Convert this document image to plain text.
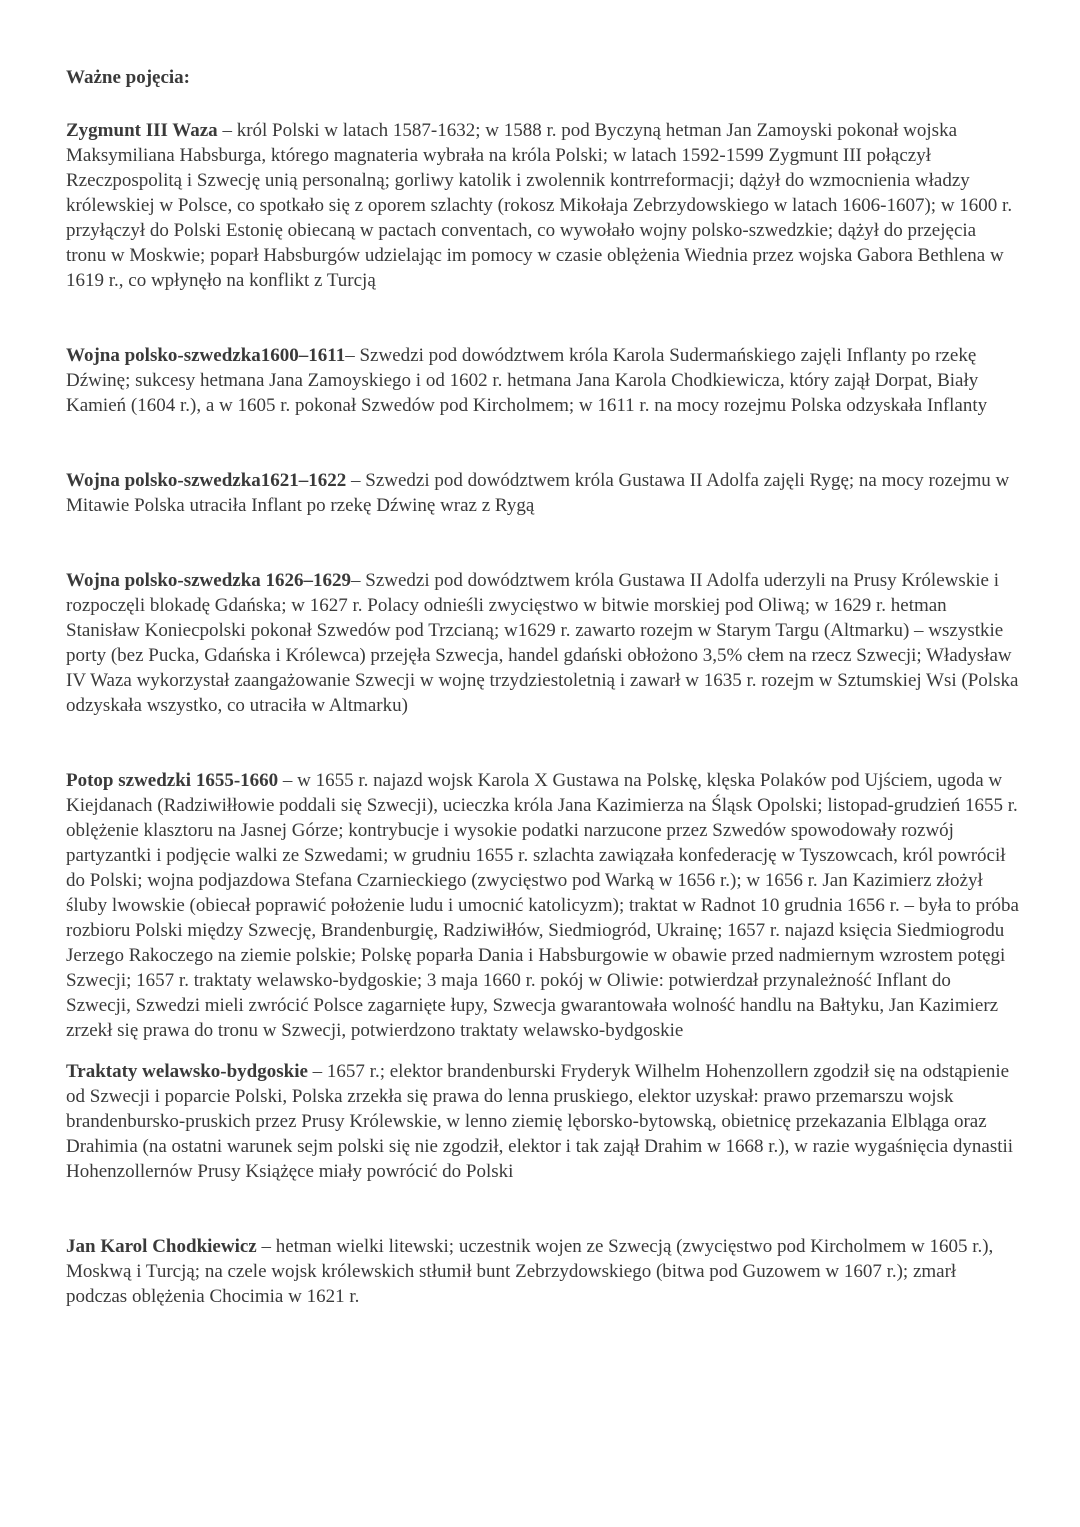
Ważne pojęcia:

Zygmunt III Waza – król Polski w latach 1587-1632; w 1588 r. pod Byczyną hetman Jan Zamoyski pokonał wojska Maksymiliana Habsburga, którego magnateria wybrała na króla Polski; w latach 1592-1599 Zygmunt III połączył Rzeczpospolitą i Szwecję unią personalną; gorliwy katolik i zwolennik kontrreformacji; dążył do wzmocnienia władzy królewskiej w Polsce, co spotkało się z oporem szlachty (rokosz Mikołaja Zebrzydowskiego w latach 1606-1607); w 1600 r. przyłączył do Polski Estonię obiecaną w pactach conventach, co wywołało wojny polsko-szwedzkie; dążył do przejęcia tronu w Moskwie; poparł Habsburgów udzielając im pomocy w czasie oblężenia Wiednia przez wojska Gabora Bethlena w 1619 r., co wpłynęło na konflikt z Turcją

Wojna polsko-szwedzka1600–1611– Szwedzi pod dowództwem króla Karola Sudermańskiego zajęli Inflanty po rzekę Dźwinę; sukcesy hetmana Jana Zamoyskiego i od 1602 r. hetmana Jana Karola Chodkiewicza, który zajął Dorpat, Biały Kamień (1604 r.), a w 1605 r. pokonał Szwedów pod Kircholmem; w 1611 r. na mocy rozejmu Polska odzyskała Inflanty

Wojna polsko-szwedzka1621–1622 – Szwedzi pod dowództwem króla Gustawa II Adolfa zajęli Rygę; na mocy rozejmu w Mitawie Polska utraciła Inflant po rzekę Dźwinę wraz z Rygą

Wojna polsko-szwedzka 1626–1629– Szwedzi pod dowództwem króla Gustawa II Adolfa uderzyli na Prusy Królewskie i rozpoczęli blokadę Gdańska; w 1627 r. Polacy odnieśli zwycięstwo w bitwie morskiej pod Oliwą; w 1629 r. hetman Stanisław Koniecpolski pokonał Szwedów pod Trzcianą; w1629 r. zawarto rozejm w Starym Targu (Altmarku) – wszystkie porty (bez Pucka, Gdańska i Królewca) przejęła Szwecja, handel gdański obłożono 3,5% cłem na rzecz Szwecji; Władysław IV Waza wykorzystał zaangażowanie Szwecji w wojnę trzydziestoletnią i zawarł w 1635 r. rozejm w Sztumskiej Wsi (Polska odzyskała wszystko, co utraciła w Altmarku)

Potop szwedzki 1655-1660 – w 1655 r. najazd wojsk Karola X Gustawa na Polskę, klęska Polaków pod Ujściem, ugoda w Kiejdanach (Radziwiłłowie poddali się Szwecji), ucieczka króla Jana Kazimierza na Śląsk Opolski; listopad-grudzień 1655 r. oblężenie klasztoru na Jasnej Górze; kontrybucje i wysokie podatki narzucone przez Szwedów spowodowały rozwój partyzantki i podjęcie walki ze Szwedami; w grudniu 1655 r. szlachta zawiązała konfederację w Tyszowcach, król powrócił do Polski; wojna podjazdowa Stefana Czarnieckiego (zwycięstwo pod Warką w 1656 r.); w 1656 r. Jan Kazimierz złożył śluby lwowskie (obiecał poprawić położenie ludu i umocnić katolicyzm); traktat w Radnot 10 grudnia 1656 r. – była to próba rozbioru Polski między Szwecję, Brandenburgię, Radziwiłłów, Siedmiogród, Ukrainę; 1657 r. najazd księcia Siedmiogrodu Jerzego Rakoczego na ziemie polskie; Polskę poparła Dania i Habsburgowie w obawie przed nadmiernym wzrostem potęgi Szwecji; 1657 r. traktaty welawsko-bydgoskie; 3 maja 1660 r. pokój w Oliwie: potwierdzał przynależność Inflant do Szwecji, Szwedzi mieli zwrócić Polsce zagarnięte łupy, Szwecja gwarantowała wolność handlu na Bałtyku, Jan Kazimierz zrzekł się prawa do tronu w Szwecji, potwierdzono traktaty welawsko-bydgoskie

Traktaty welawsko-bydgoskie – 1657 r.; elektor brandenburski Fryderyk Wilhelm Hohenzollern zgodził się na odstąpienie od Szwecji i poparcie Polski, Polska zrzekła się prawa do lenna pruskiego, elektor uzyskał: prawo przemarszu wojsk brandenbursko-pruskich przez Prusy Królewskie, w lenno ziemię lęborsko-bytowską, obietnicę przekazania Elbląga oraz Drahimia (na ostatni warunek sejm polski się nie zgodził, elektor i tak zajął Drahim w 1668 r.), w razie wygaśnięcia dynastii Hohenzollernów Prusy Książęce miały powrócić do Polski

Jan Karol Chodkiewicz – hetman wielki litewski; uczestnik wojen ze Szwecją (zwycięstwo pod Kircholmem w 1605 r.), Moskwą i Turcją; na czele wojsk królewskich stłumił bunt Zebrzydowskiego (bitwa pod Guzowem w 1607 r.); zmarł podczas oblężenia Chocimia w 1621 r.
